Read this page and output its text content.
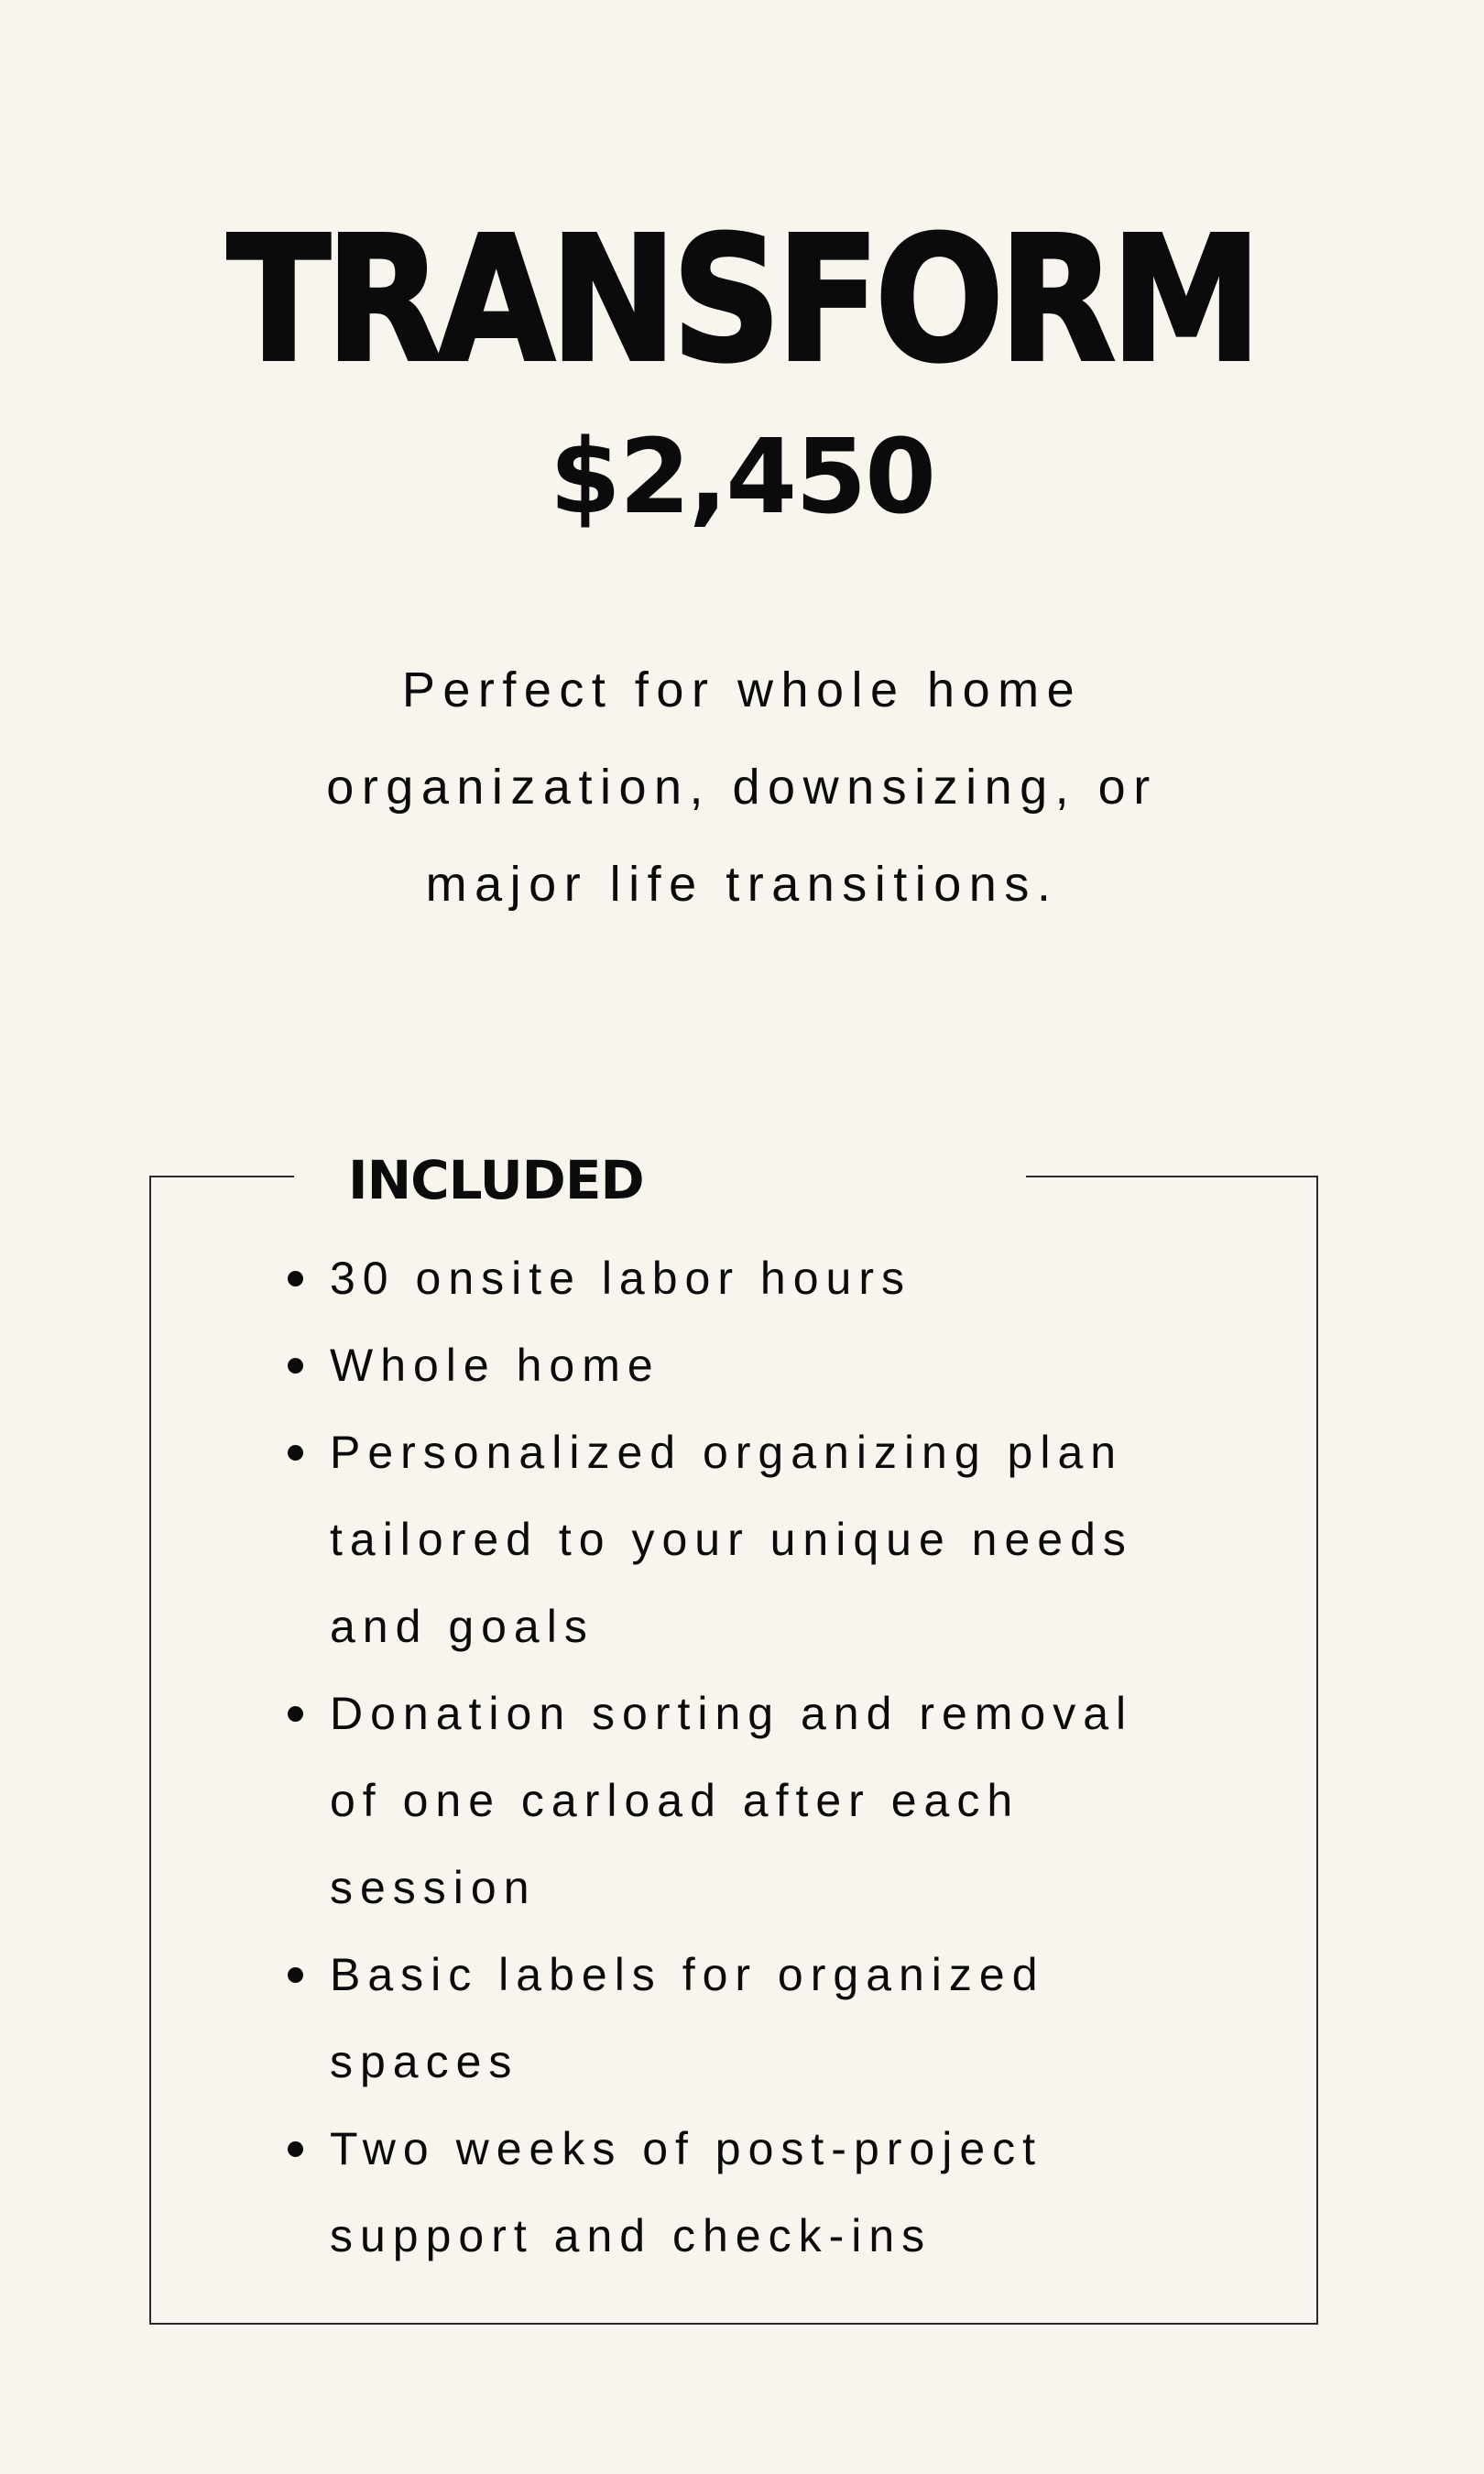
TRANSFORM
$2,450

Perfect for whole home
organization, downsizing, or
major life transitions.

INCLUDED
30 onsite labor hours
Whole home
Personalized organizing plan
tailored to your unique needs
and goals
Donation sorting and removal
of one carload after each
session
Basic labels for organized
spaces
Two weeks of post-project
support and check-ins
